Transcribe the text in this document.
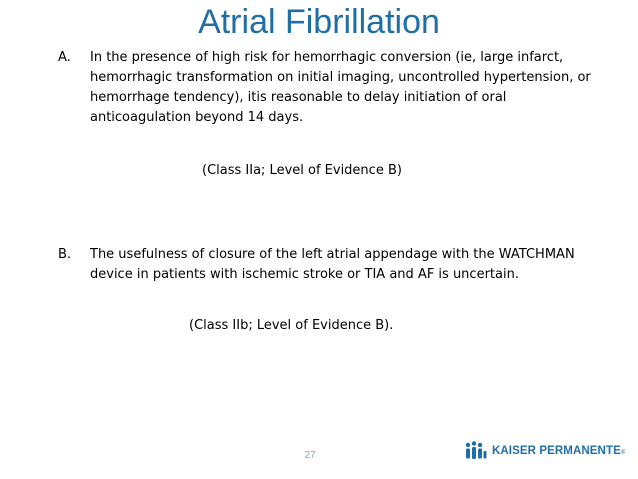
Atrial Fibrillation
A. In the presence of high risk for hemorrhagic conversion (ie, large infarct, hemorrhagic transformation on initial imaging, uncontrolled hypertension, or hemorrhage tendency), itis reasonable to delay initiation of oral anticoagulation beyond 14 days.
(Class IIa; Level of Evidence B)
B. The usefulness of closure of the left atrial appendage with the WATCHMAN device in patients with ischemic stroke or TIA and AF is uncertain.
(Class IIb; Level of Evidence B).
27	KAISER PERMANENTE®
